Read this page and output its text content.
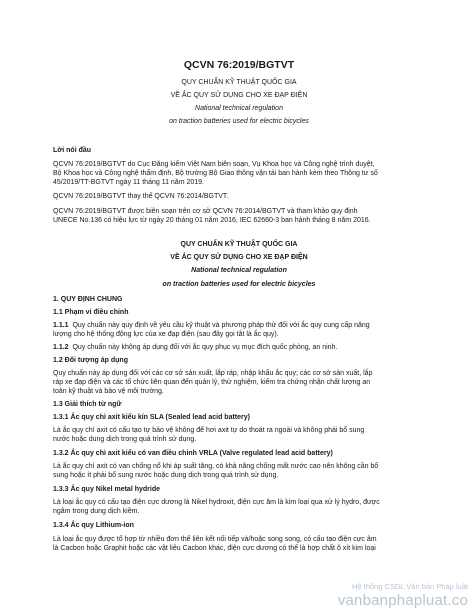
QCVN 76:2019/BGTVT
QUY CHUẨN KỸ THUẬT QUỐC GIA
VỀ ẮC QUY SỬ DỤNG CHO XE ĐẠP ĐIỆN
National technical regulation
on traction batteries used for electric bicycles
Lời nói đầu
QCVN 76:2019/BGTVT do Cục Đăng kiểm Việt Nam biên soạn, Vụ Khoa học và Công nghệ trình duyệt,
Bộ Khoa học và Công nghệ thẩm định, Bộ trưởng Bộ Giao thông vận tải ban hành kèm theo Thông tư số
45/2019/TT-BGTVT ngày 11 tháng 11 năm 2019.
QCVN 76:2019/BGTVT thay thế QCVN 76:2014/BGTVT.
QCVN 76:2019/BGTVT được biên soạn trên cơ sở QCVN 76:2014/BGTVT và tham khảo quy định
UNECE No.136 có hiệu lực từ ngày 20 tháng 01 năm 2016, IEC 62660-3 ban hành tháng 8 năm 2016.
QUY CHUẨN KỸ THUẬT QUỐC GIA
VỀ ẮC QUY SỬ DỤNG CHO XE ĐẠP ĐIỆN
National technical regulation
on traction batteries used for electric bicycles
1. QUY ĐỊNH CHUNG
1.1 Phạm vi điều chỉnh
1.1.1 Quy chuẩn này quy định về yêu cầu kỹ thuật và phương pháp thử đối với ắc quy cung cấp năng
lượng cho hệ thống động lực của xe đạp điện (sau đây gọi tắt là ắc quy).
1.1.2 Quy chuẩn này không áp dụng đối với ắc quy phục vụ mục đích quốc phòng, an ninh.
1.2 Đối tượng áp dụng
Quy chuẩn này áp dụng đối với các cơ sở sản xuất, lắp ráp, nhập khẩu ắc quy; các cơ sở sản xuất, lắp
ráp xe đạp điện và các tổ chức liên quan đến quản lý, thử nghiệm, kiểm tra chứng nhận chất lượng an
toàn kỹ thuật và bảo vệ môi trường.
1.3 Giải thích từ ngữ
1.3.1 Ắc quy chì axit kiểu kín SLA (Sealed lead acid battery)
Là ắc quy chì axit có cấu tạo tự bảo vệ không để hơi axit tự do thoát ra ngoài và không phải bổ sung
nước hoặc dung dịch trong quá trình sử dụng.
1.3.2 Ắc quy chì axit kiểu có van điều chỉnh VRLA (Valve regulated lead acid battery)
Là ắc quy chì axit có van chống nổ khi áp suất tăng, có khả năng chống mất nước cao nên không cần bổ
sung hoặc ít phải bổ sung nước hoặc dung dịch trong quá trình sử dụng.
1.3.3 Ắc quy Nikel metal hydride
Là loại ắc quy có cấu tạo điện cực dương là Nikel hydroxit, điện cực âm là kim loại qua xử lý hydro, được
ngâm trong dung dịch kiềm.
1.3.4 Ắc quy Lithium-ion
Là loại ắc quy được tổ hợp từ nhiều đơn thể liên kết nối tiếp và/hoặc song song, có cấu tạo điện cực âm
là Cacbon hoặc Graphit hoặc các vật liệu Cacbon khác, điện cực dương có thể là hợp chất ô xít kim loại
Hệ thống CSDL Văn bản Pháp luật
vanbanphapluat.co
